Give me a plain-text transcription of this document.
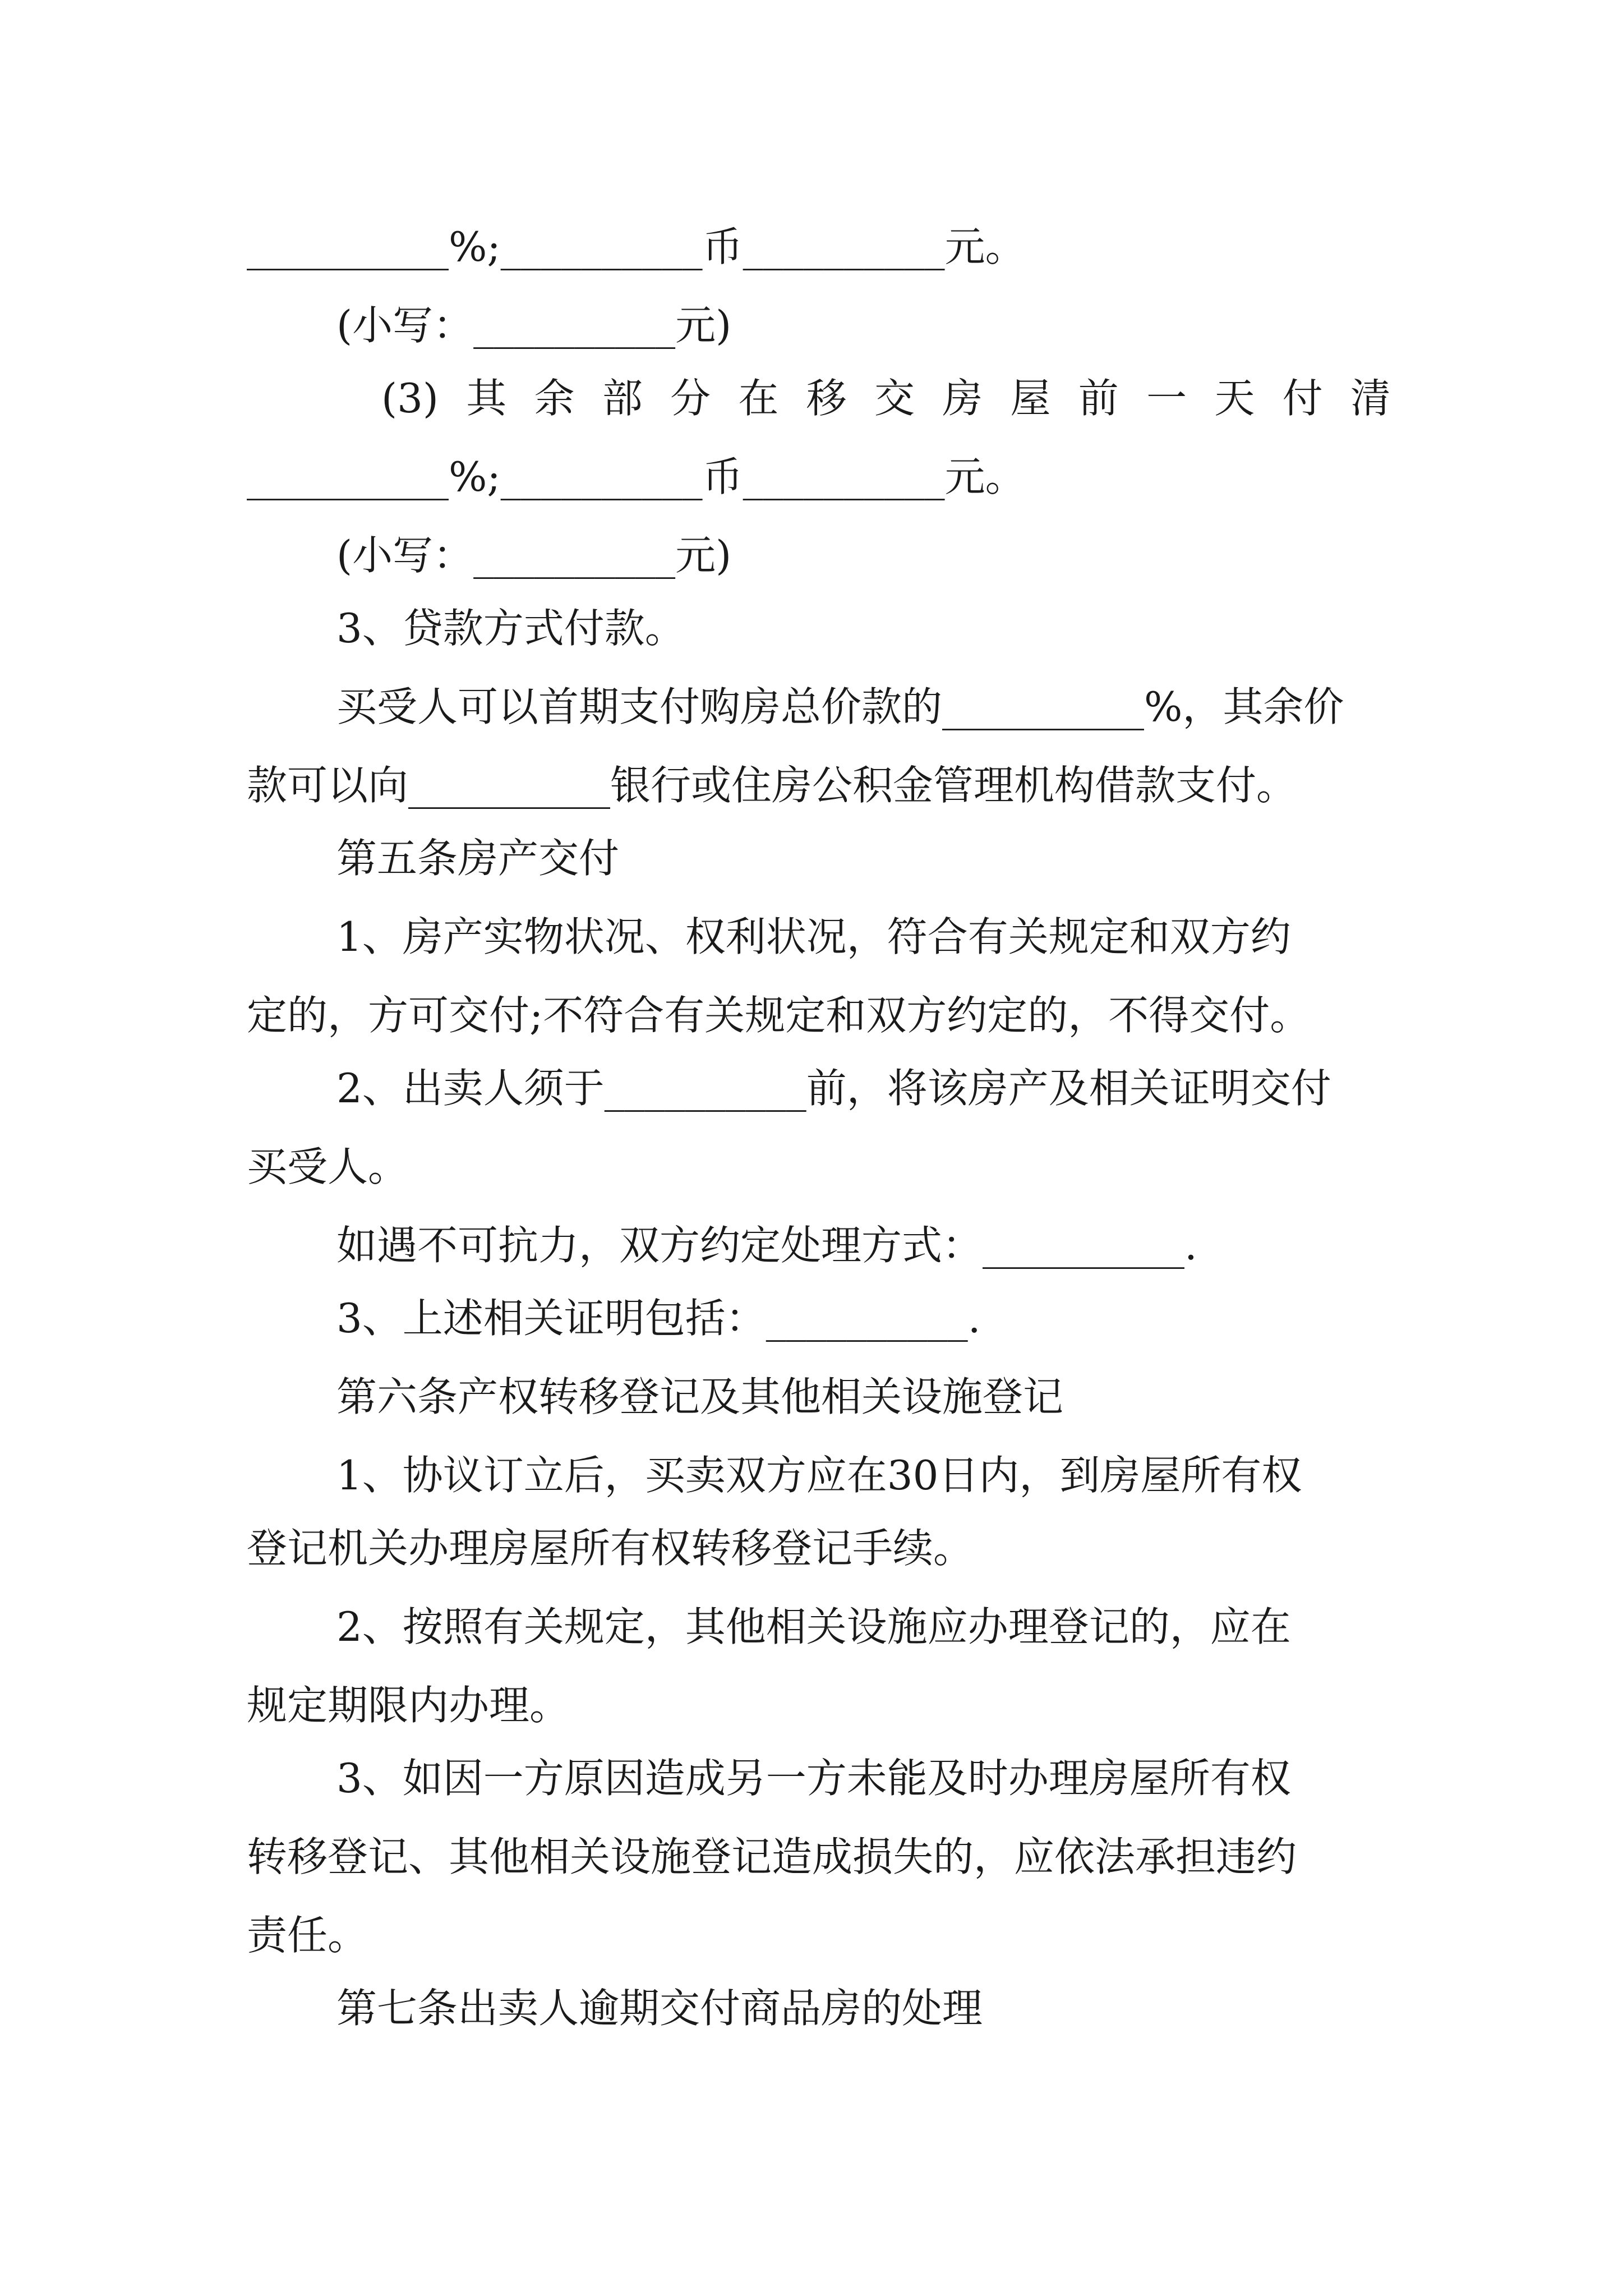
__________%;__________币__________元。
(小写：__________元)
(3) 其 余 部 分 在 移 交 房 屋 前 一 天 付 清
__________%;__________币__________元。
(小写：__________元)
3、贷款方式付款。
买受人可以首期支付购房总价款的__________%，其余价
款可以向__________银行或住房公积金管理机构借款支付。
第五条房产交付
1、房产实物状况、权利状况，符合有关规定和双方约
定的，方可交付;不符合有关规定和双方约定的，不得交付。
2、出卖人须于__________前，将该房产及相关证明交付
买受人。
如遇不可抗力，双方约定处理方式：__________.
3、上述相关证明包括：__________.
第六条产权转移登记及其他相关设施登记
1、协议订立后，买卖双方应在30日内，到房屋所有权
登记机关办理房屋所有权转移登记手续。
2、按照有关规定，其他相关设施应办理登记的，应在
规定期限内办理。
3、如因一方原因造成另一方未能及时办理房屋所有权
转移登记、其他相关设施登记造成损失的，应依法承担违约
责任。
第七条出卖人逾期交付商品房的处理
